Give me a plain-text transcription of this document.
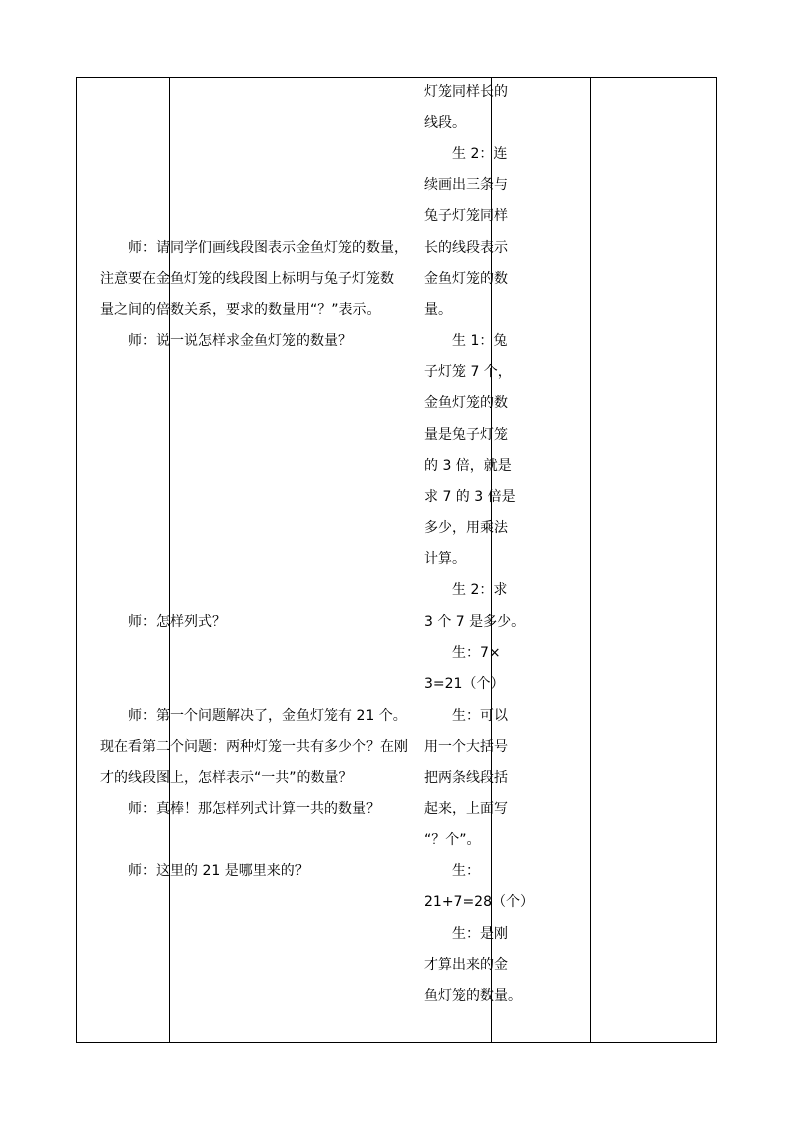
师：请同学们画线段图表示金鱼灯笼的数量，
注意要在金鱼灯笼的线段图上标明与兔子灯笼数
量之间的倍数关系，要求的数量用“？”表示。
师：说一说怎样求金鱼灯笼的数量？
师：怎样列式？
师：第一个问题解决了，金鱼灯笼有 21 个。
现在看第二个问题：两种灯笼一共有多少个？在刚
才的线段图上，怎样表示“一共”的数量？
师：真棒！那怎样列式计算一共的数量？
师：这里的 21 是哪里来的？
灯笼同样长的
线段。
生 2：连
续画出三条与
兔子灯笼同样
长的线段表示
金鱼灯笼的数
量。
生 1：兔
子灯笼 7 个，
金鱼灯笼的数
量是兔子灯笼
的 3 倍，就是
求 7 的 3 倍是
多少，用乘法
计算。
生 2：求
3 个 7 是多少。
生：7×
3=21（个）
生：可以
用一个大括号
把两条线段括
起来，上面写
“？个”。
生：
21+7=28（个）
生：是刚
才算出来的金
鱼灯笼的数量。
